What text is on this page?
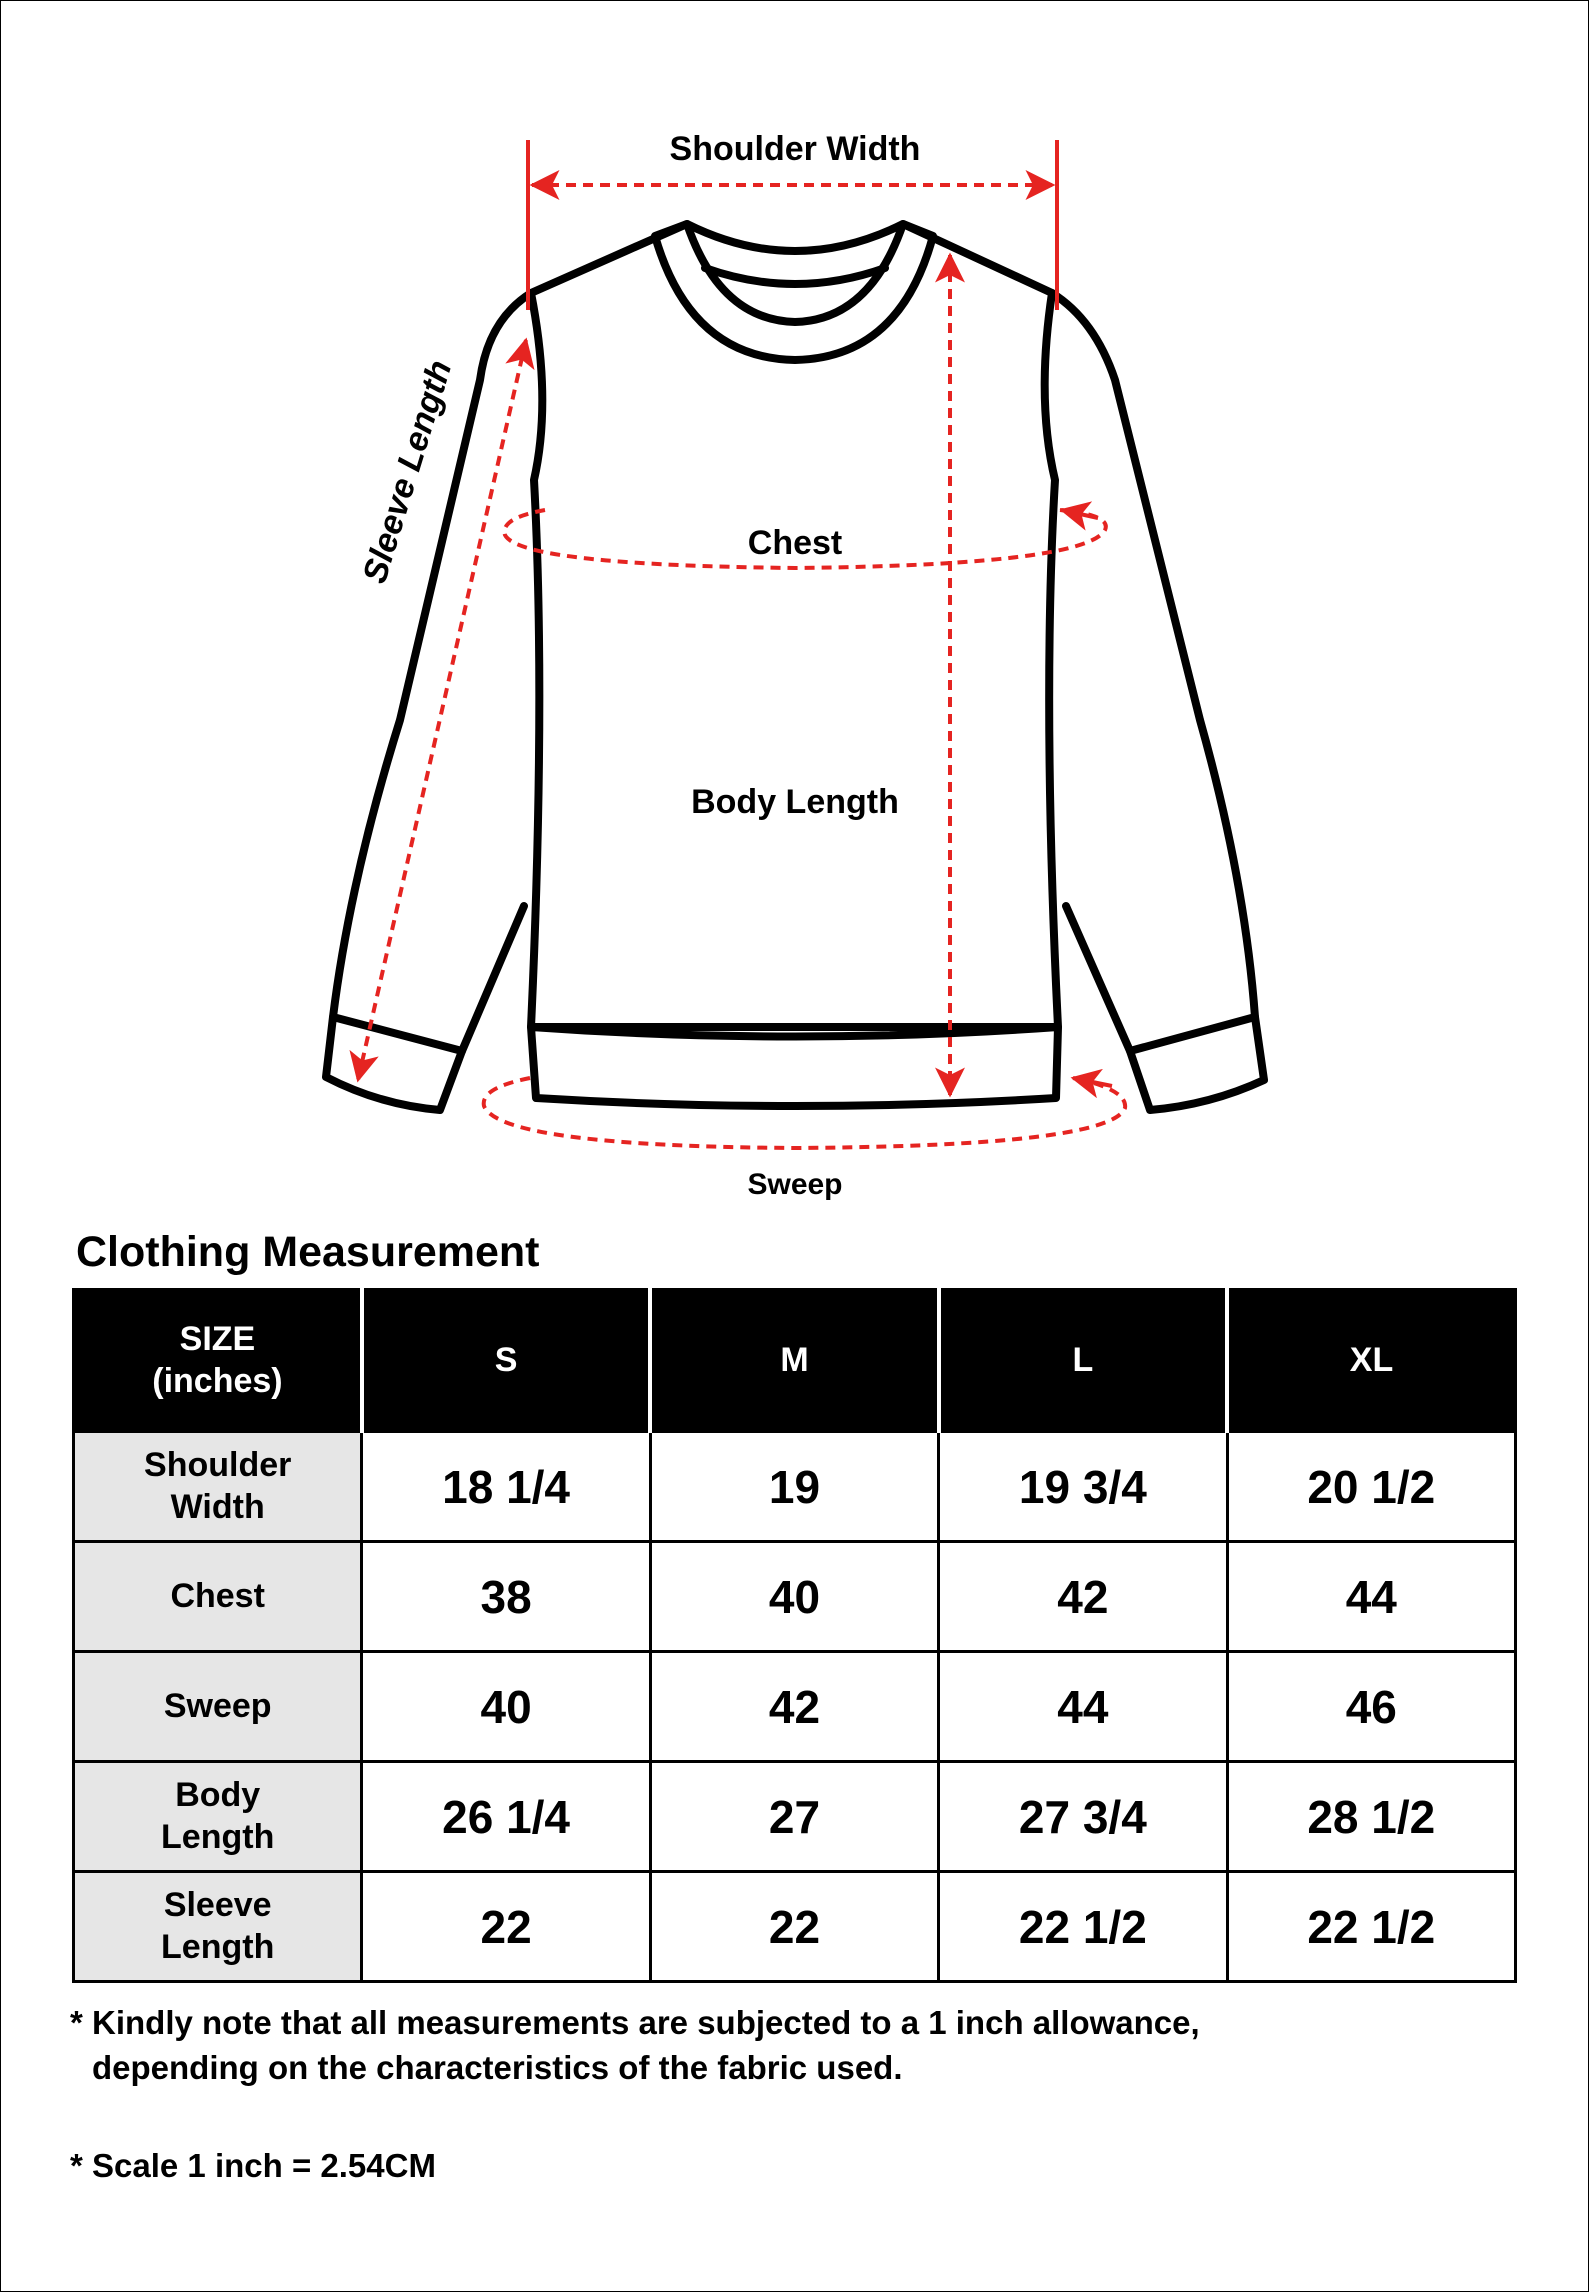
Shoulder Width
Chest
Body Length
Sweep
Sleeve Length
Clothing Measurement
SIZE
(inches)	S	M	L	XL
Shoulder
Width	18 1/4	19	19 3/4	20 1/2
Chest	38	40	42	44
Sweep	40	42	44	46
Body
Length	26 1/4	27	27 3/4	28 1/2
Sleeve
Length	22	22	22 1/2	22 1/2

* Kindly note that all measurements are subjected to a 1 inch allowance,
depending on the characteristics of the fabric used.

* Scale 1 inch = 2.54CM
